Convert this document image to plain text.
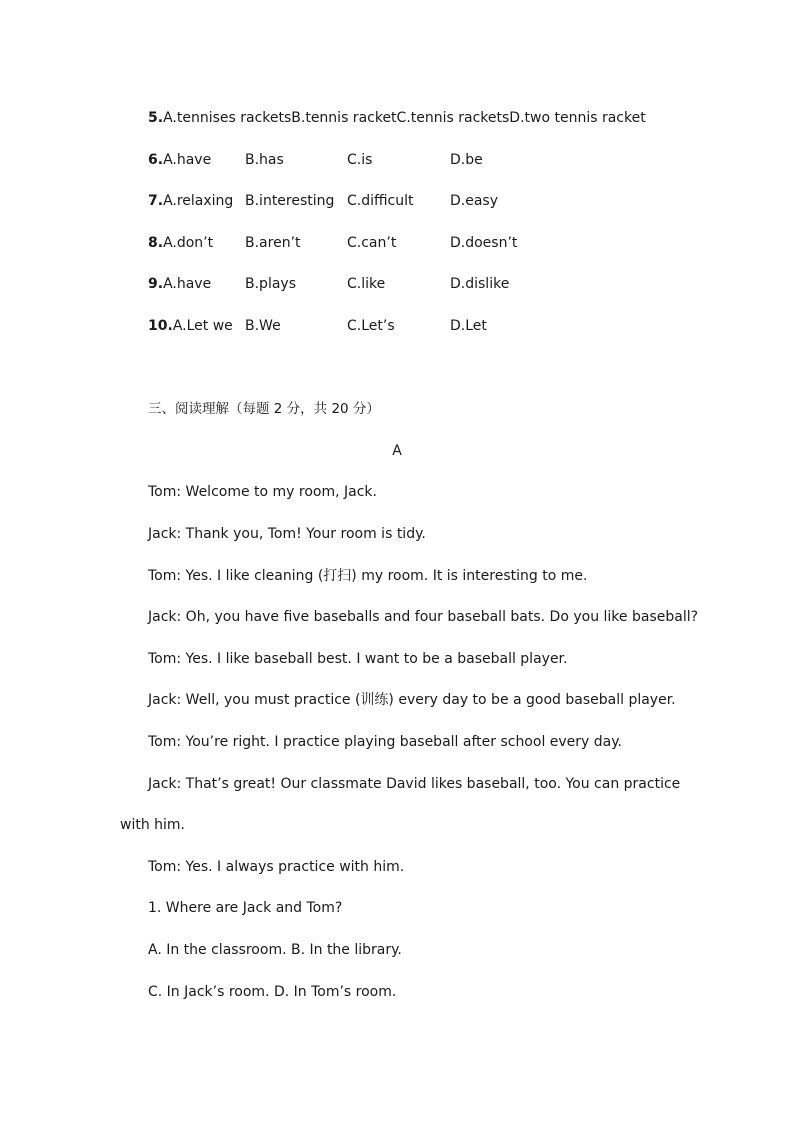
5.A.tennises racketsB.tennis racketC.tennis racketsD.two tennis racket
6.A.have B.has	C.is	D.be
7.A.relaxing B.interesting C.difficult	D.easy
8.A.don’t B.aren’t	C.can’t	D.doesn’t
9.A.have B.plays	C.like	D.dislike
10.A.Let we B.We	C.Let’s	D.Let
三、阅读理解（每题 2 分，共 20 分）
A
Tom: Welcome to my room, Jack.
Jack: Thank you, Tom! Your room is tidy.
Tom: Yes. I like cleaning (打扫) my room. It is interesting to me.
Jack: Oh, you have five baseballs and four baseball bats. Do you like baseball?
Tom: Yes. I like baseball best. I want to be a baseball player.
Jack: Well, you must practice (训练) every day to be a good baseball player.
Tom: You’re right. I practice playing baseball after school every day.
Jack: That’s great! Our classmate David likes baseball, too. You can practice
with him.
Tom: Yes. I always practice with him.
1. Where are Jack and Tom?
A. In the classroom. B. In the library.
C. In Jack’s room. D. In Tom’s room.
